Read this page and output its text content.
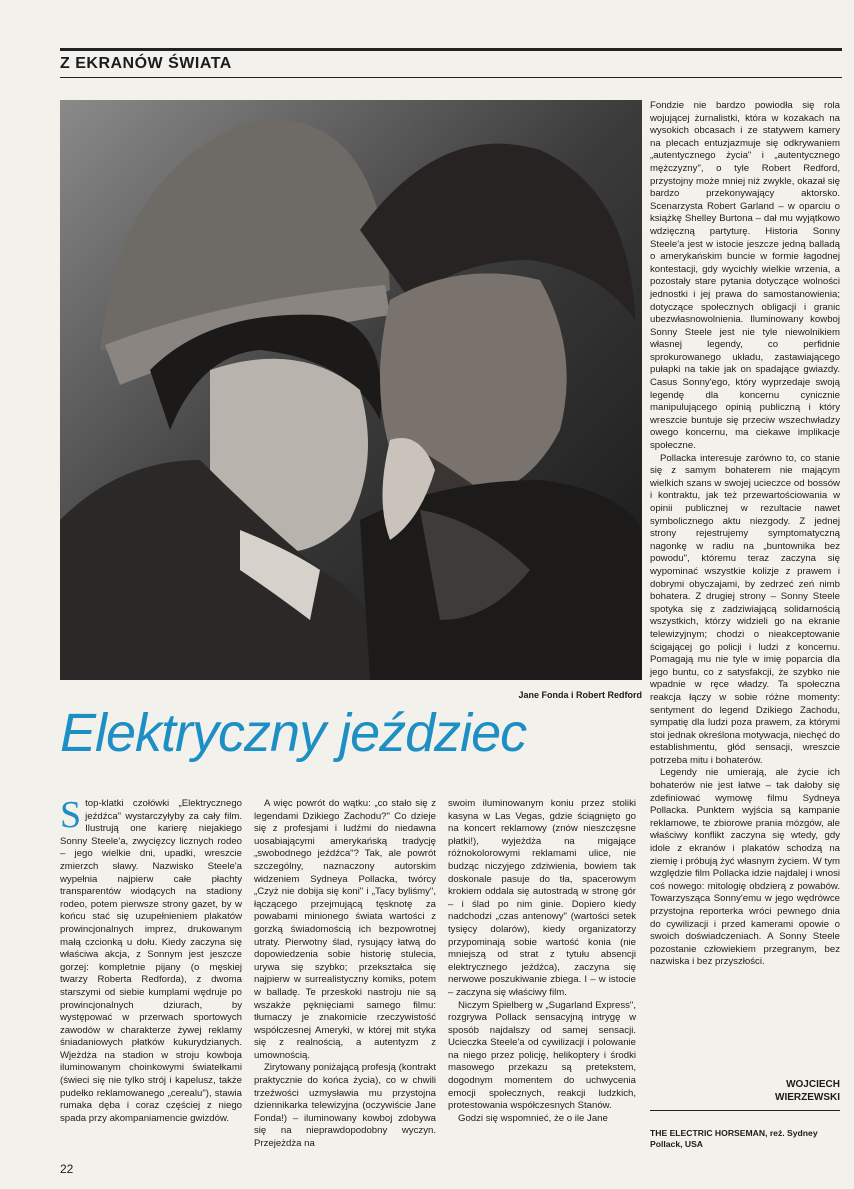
Z EKRANÓW ŚWIATA
Jane Fonda i Robert Redford
Elektryczny jeździec

Stop-klatki czołówki „Elektrycznego jeźdźca" wystarczyłyby za cały film. Ilustrują one karierę niejakiego Sonny Steele'a, zwycięzcy licznych rodeo – jego wielkie dni, upadki, wreszcie zmierzch sławy. Nazwisko Steele'a wypełnia najpierw całe płachty transparentów wiodących na stadiony rodeo, potem pierwsze strony gazet, by w końcu stać się uzupełnieniem plakatów prowincjonalnych imprez, drukowanym małą czcionką u dołu. Kiedy zaczyna się właściwa akcja, z Sonnym jest jeszcze gorzej: kompletnie pijany (o męskiej twarzy Roberta Redforda), z dwoma starszymi od siebie kumplami wędruje po prowincjonalnych dziurach, by występować w przerwach sportowych zawodów w charakterze żywej reklamy śniadaniowych płatków kukurydzianych. Wjeżdża na stadion w stroju kowboja iluminowanym choinkowymi światełkami (świeci się nie tylko strój i kapelusz, także pudełko reklamowanego „cerealu"), stawia rumaka dęba i coraz częściej z niego spada przy akompaniamencie gwizdów.

A więc powrót do wątku: „co stało się z legendami Dzikiego Zachodu?" Co dzieje się z profesjami i ludźmi do niedawna uosabiającymi amerykańską tradycję „swobodnego jeźdźca"? Tak, ale powrót szczególny, naznaczony autorskim widzeniem Sydneya Pollacka, twórcy „Czyż nie dobija się koni" i „Tacy byliśmy", łączącego przejmującą tęsknotę za powabami minionego świata wartości z gorzką świadomością ich bezpowrotnej utraty. Pierwotny ślad, rysujący łatwą do dopowiedzenia sobie historię stulecia, urywa się szybko; przekształca się najpierw w surrealistyczny komiks, potem w balladę. Te przeskoki nastroju nie są wszakże pęknięciami samego filmu: tłumaczy je znakomicie rzeczywistość współczesnej Ameryki, w której mit styka się z realnością, a autentyzm z umownością.

Zirytowany poniżającą profesją (kontrakt praktycznie do końca życia), co w chwili trzeźwości uzmysławia mu przystojna dziennikarka telewizyjna (oczywiście Jane Fonda!) – iluminowany kowboj zdobywa się na nieprawdopodobny wyczyn. Przejeżdża na

swoim iluminowanym koniu przez stoliki kasyna w Las Vegas, gdzie ściągnięto go na koncert reklamowy (znów nieszczęsne płatki!), wyjeżdża na migające różnokolorowymi reklamami ulice, nie budząc niczyjego zdziwienia, bowiem tak doskonale pasuje do tła, spacerowym krokiem oddala się autostradą w stronę gór – i ślad po nim ginie. Dopiero kiedy nadchodzi „czas antenowy" (wartości setek tysięcy dolarów), kiedy organizatorzy przypominają sobie wartość konia (nie mniejszą od strat z tytułu absencji elektrycznego jeźdźca), zaczyna się nerwowe poszukiwanie zbiega. I – w istocie – zaczyna się właściwy film.

Niczym Spielberg w „Sugarland Express", rozgrywa Pollack sensacyjną intrygę w sposób najdalszy od samej sensacji. Ucieczka Steele'a od cywilizacji i polowanie na niego przez policję, helikoptery i środki masowego przekazu są pretekstem, dogodnym momentem do uchwycenia emocji społecznych, reakcji ludzkich, protestowania współczesnych Stanów.

Godzi się wspomnieć, że o ile Jane

Fondzie nie bardzo powiodła się rola wojującej żurnalistki, która w kozakach na wysokich obcasach i ze statywem kamery na plecach entuzjazmuje się odkrywaniem „autentycznego życia" i „autentycznego mężczyzny", o tyle Robert Redford, przystojny może mniej niż zwykle, okazał się bardzo przekonywający aktorsko. Scenarzysta Robert Garland – w oparciu o książkę Shelley Burtona – dał mu wyjątkowo wdzięczną partyturę. Historia Sonny Steele'a jest w istocie jeszcze jedną balladą o amerykańskim buncie w formie łagodnej kontestacji, gdy wycichły wielkie wrzenia, a pozostały stare pytania dotyczące wolności jednostki i jej prawa do samostanowienia; dotyczące społecznych obligacji i granic ubezwłasnowolnienia. Iluminowany kowboj Sonny Steele jest nie tyle niewolnikiem własnej legendy, co perfidnie sprokurowanego układu, zastawiającego pułapki na takie jak on spadające gwiazdy. Casus Sonny'ego, który wyprzedaje swoją legendę dla koncernu cynicznie manipulującego opinią publiczną i który wreszcie buntuje się przeciw wszechwładzy owego koncernu, ma ciekawe implikacje społeczne.

Pollacka interesuje zarówno to, co stanie się z samym bohaterem nie mającym wielkich szans w swojej ucieczce od bossów i kontraktu, jak też przewartościowania w opinii publicznej w rezultacie nawet symbolicznego aktu niezgody. Z jednej strony rejestrujemy symptomatyczną nagonkę w radiu na „buntownika bez powodu", któremu teraz zaczyna się wypominać wszystkie kolizje z prawem i dobrymi obyczajami, by zedrzeć zeń nimb bohatera. Z drugiej strony – Sonny Steele spotyka się z zadziwiającą solidarnością wszystkich, którzy widzieli go na ekranie telewizyjnym; chodzi o nieakceptowanie ścigającej go policji i ludzi z koncernu. Pomagają mu nie tyle w imię poparcia dla jego buntu, co z satysfakcji, że szybko nie wpadnie w ręce władzy. Ta społeczna reakcja łączy w sobie różne momenty: sentyment do legend Dzikiego Zachodu, sympatię dla ludzi poza prawem, za którymi stoi jednak określona motywacja, niechęć do establishmentu, głód sensacji, wreszcie potrzeba mitu i bohaterów.

Legendy nie umierają, ale życie ich bohaterów nie jest łatwe – tak dałoby się zdefiniować wymowę filmu Sydneya Pollacka. Punktem wyjścia są kampanie reklamowe, te zbiorowe prania mózgów, ale właściwy konflikt zaczyna się wtedy, gdy idole z ekranów i plakatów schodzą na ziemię i próbują żyć własnym życiem. W tym względzie film Pollacka idzie najdalej i wnosi coś nowego: mitologię obdzierą z powabów. Towarzysząca Sonny'emu w jego wędrówce przystojna reporterka wróci pewnego dnia do cywilizacji i przed kamerami opowie o swoich doświadczeniach. A Sonny Steele pozostanie człowiekiem przegranym, bez nazwiska i bez przyszłości.

WOJCIECH
WIERZEWSKI
THE ELECTRIC HORSEMAN, reż. Sydney Pollack, USA
22
